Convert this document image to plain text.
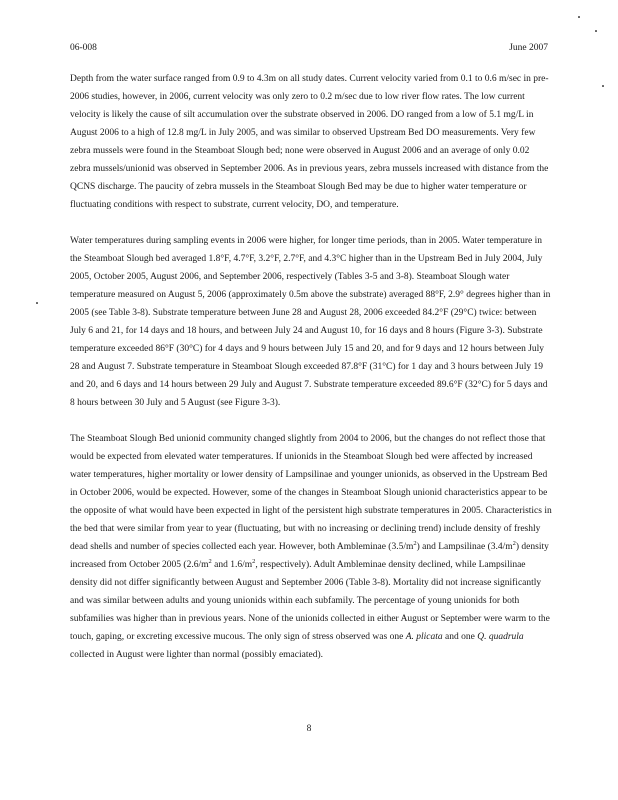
06-008	June 2007

Depth from the water surface ranged from 0.9 to 4.3m on all study dates. Current velocity varied from 0.1 to 0.6 m/sec in pre-2006 studies, however, in 2006, current velocity was only zero to 0.2 m/sec due to low river flow rates. The low current velocity is likely the cause of silt accumulation over the substrate observed in 2006. DO ranged from a low of 5.1 mg/L in August 2006 to a high of 12.8 mg/L in July 2005, and was similar to observed Upstream Bed DO measurements. Very few zebra mussels were found in the Steamboat Slough bed; none were observed in August 2006 and an average of only 0.02 zebra mussels/unionid was observed in September 2006. As in previous years, zebra mussels increased with distance from the QCNS discharge. The paucity of zebra mussels in the Steamboat Slough Bed may be due to higher water temperature or fluctuating conditions with respect to substrate, current velocity, DO, and temperature.

Water temperatures during sampling events in 2006 were higher, for longer time periods, than in 2005. Water temperature in the Steamboat Slough bed averaged 1.8°F, 4.7°F, 3.2°F, 2.7°F, and 4.3°C higher than in the Upstream Bed in July 2004, July 2005, October 2005, August 2006, and September 2006, respectively (Tables 3-5 and 3-8). Steamboat Slough water temperature measured on August 5, 2006 (approximately 0.5m above the substrate) averaged 88°F, 2.9° degrees higher than in 2005 (see Table 3-8). Substrate temperature between June 28 and August 28, 2006 exceeded 84.2°F (29°C) twice: between July 6 and 21, for 14 days and 18 hours, and between July 24 and August 10, for 16 days and 8 hours (Figure 3-3). Substrate temperature exceeded 86°F (30°C) for 4 days and 9 hours between July 15 and 20, and for 9 days and 12 hours between July 28 and August 7. Substrate temperature in Steamboat Slough exceeded 87.8°F (31°C) for 1 day and 3 hours between July 19 and 20, and 6 days and 14 hours between 29 July and August 7. Substrate temperature exceeded 89.6°F (32°C) for 5 days and 8 hours between 30 July and 5 August (see Figure 3-3).

The Steamboat Slough Bed unionid community changed slightly from 2004 to 2006, but the changes do not reflect those that would be expected from elevated water temperatures. If unionids in the Steamboat Slough bed were affected by increased water temperatures, higher mortality or lower density of Lampsilinae and younger unionids, as observed in the Upstream Bed in October 2006, would be expected. However, some of the changes in Steamboat Slough unionid characteristics appear to be the opposite of what would have been expected in light of the persistent high substrate temperatures in 2005. Characteristics in the bed that were similar from year to year (fluctuating, but with no increasing or declining trend) include density of freshly dead shells and number of species collected each year. However, both Ambleminae $(3.5/m^2)$ and Lampsilinae $(3.4/m^2)$ density increased from October 2005 ($2.6/m^2$ and $1.6/m^2$, respectively). Adult Ambleminae density declined, while Lampsilinae density did not differ significantly between August and September 2006 (Table 3-8). Mortality did not increase significantly and was similar between adults and young unionids within each subfamily. The percentage of young unionids for both subfamilies was higher than in previous years. None of the unionids collected in either August or September were warm to the touch, gaping, or excreting excessive mucous. The only sign of stress observed was one A. plicata and one Q. quadrula collected in August were lighter than normal (possibly emaciated).

8
